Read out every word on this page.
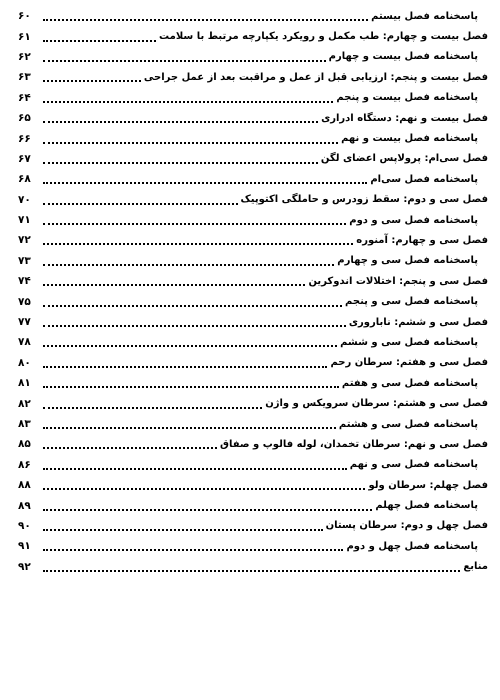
پاسخنامه فصل بیستم
۶۰
فصل بیست و چهارم: طب مکمل و رویکرد یکپارچه مرتبط با سلامت
۶۱
پاسخنامه فصل بیست و چهارم
۶۲
فصل بیست و پنجم: ارزیابی قبل از عمل و مراقبت بعد از عمل جراحی
۶۳
پاسخنامه فصل بیست و پنجم
۶۴
فصل بیست و نهم: دستگاه ادراری
۶۵
پاسخنامه فصل بیست و نهم
۶۶
فصل سی‌ام: پرولاپس اعضای لگن
۶۷
پاسخنامه فصل سی‌ام
۶۸
فصل سی و دوم: سقط زودرس و حاملگی اکتوپیک
۷۰
پاسخنامه فصل سی و دوم
۷۱
فصل سی و چهارم: آمنوره
۷۲
پاسخنامه فصل سی و چهارم
۷۳
فصل سی و پنجم: اختلالات اندوکرین
۷۴
پاسخنامه فصل سی و پنجم
۷۵
فصل سی و ششم: ناباروری
۷۷
پاسخنامه فصل سی و ششم
۷۸
فصل سی و هفتم: سرطان رحم
۸۰
پاسخنامه فصل سی و هفتم
۸۱
فصل سی و هشتم: سرطان سرویکس و واژن
۸۲
پاسخنامه فصل سی و هشتم
۸۳
فصل سی و نهم: سرطان تخمدان، لوله فالوپ و صفاق
۸۵
پاسخنامه فصل سی و نهم
۸۶
فصل چهلم: سرطان ولو
۸۸
پاسخنامه فصل چهلم
۸۹
فصل چهل و دوم: سرطان پستان
۹۰
پاسخنامه فصل چهل و دوم
۹۱
منابع
۹۲
